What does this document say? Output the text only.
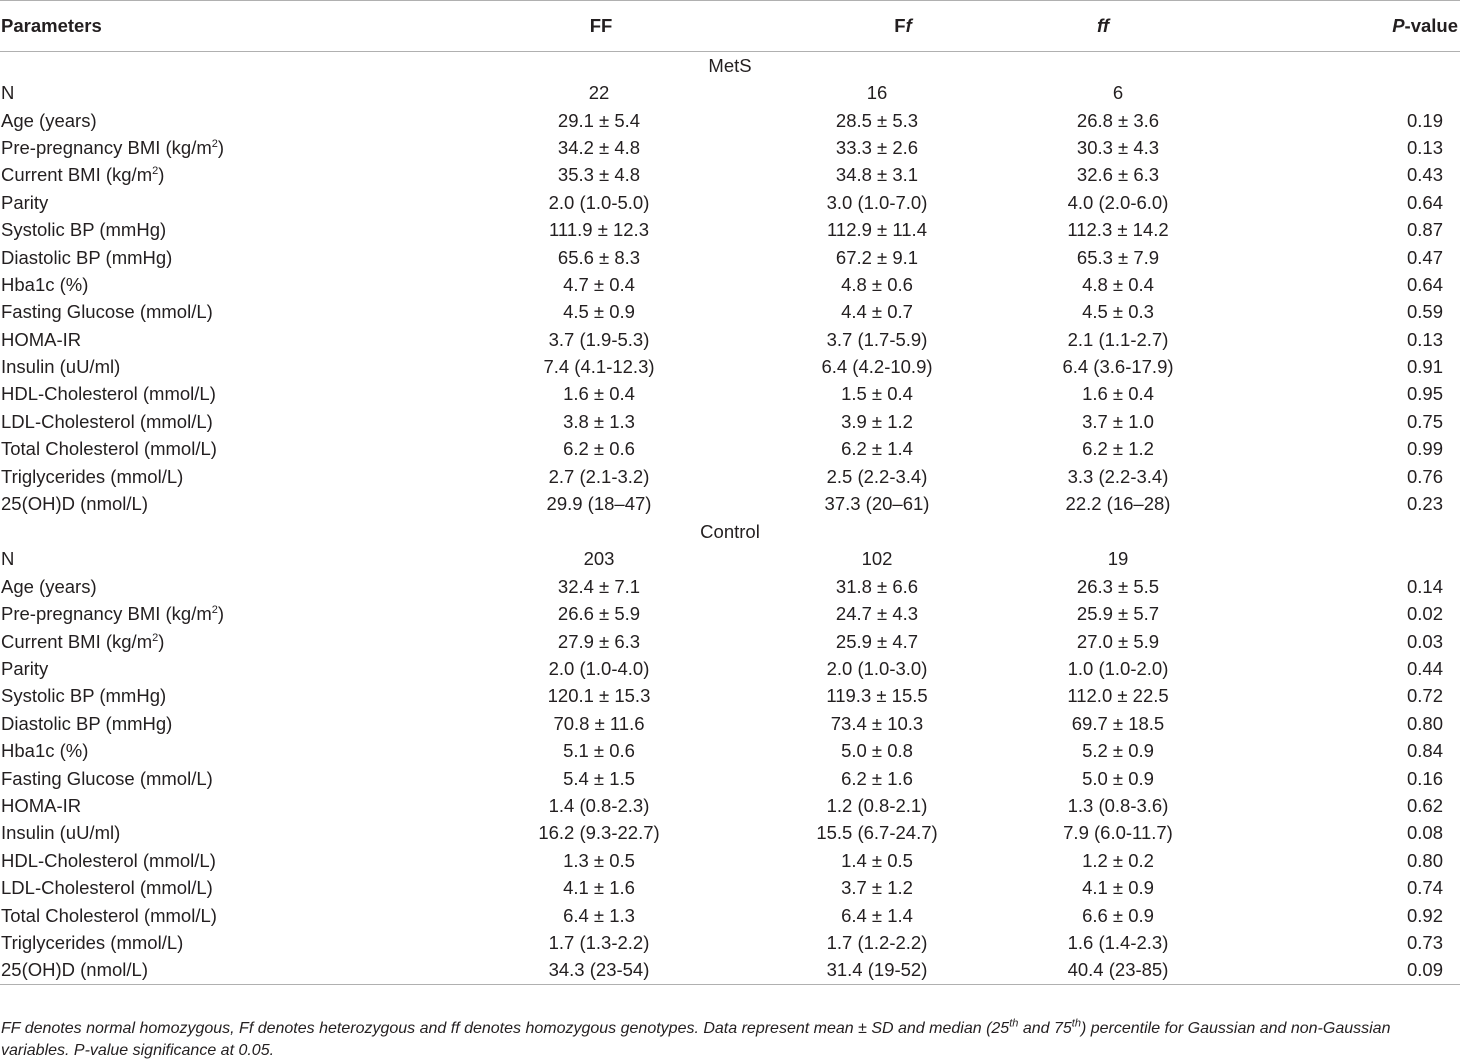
Parameters	FF	Ff	ff	P-value
MetS				
N	22	16	6	
Age (years)	29.1 ± 5.4	28.5 ± 5.3	26.8 ± 3.6	0.19
Pre-pregnancy BMI $(kg/m^2)$	34.2 ± 4.8	33.3 ± 2.6	30.3 ± 4.3	0.13
Current BMI $(kg/m^2)$	35.3 ± 4.8	34.8 ± 3.1	32.6 ± 6.3	0.43
Parity	2.0 (1.0-5.0)	3.0 (1.0-7.0)	4.0 (2.0-6.0)	0.64
Systolic BP (mmHg)	111.9 ± 12.3	112.9 ± 11.4	112.3 ± 14.2	0.87
Diastolic BP (mmHg)	65.6 ± 8.3	67.2 ± 9.1	65.3 ± 7.9	0.47
Hba1c (%)	4.7 ± 0.4	4.8 ± 0.6	4.8 ± 0.4	0.64
Fasting Glucose (mmol/L)	4.5 ± 0.9	4.4 ± 0.7	4.5 ± 0.3	0.59
HOMA-IR	3.7 (1.9-5.3)	3.7 (1.7-5.9)	2.1 (1.1-2.7)	0.13
Insulin (uU/ml)	7.4 (4.1-12.3)	6.4 (4.2-10.9)	6.4 (3.6-17.9)	0.91
HDL-Cholesterol (mmol/L)	1.6 ± 0.4	1.5 ± 0.4	1.6 ± 0.4	0.95
LDL-Cholesterol (mmol/L)	3.8 ± 1.3	3.9 ± 1.2	3.7 ± 1.0	0.75
Total Cholesterol (mmol/L)	6.2 ± 0.6	6.2 ± 1.4	6.2 ± 1.2	0.99
Triglycerides (mmol/L)	2.7 (2.1-3.2)	2.5 (2.2-3.4)	3.3 (2.2-3.4)	0.76
25(OH)D (nmol/L)	29.9 (18–47)	37.3 (20–61)	22.2 (16–28)	0.23
Control				
N	203	102	19	
Age (years)	32.4 ± 7.1	31.8 ± 6.6	26.3 ± 5.5	0.14
Pre-pregnancy BMI $(kg/m^2)$	26.6 ± 5.9	24.7 ± 4.3	25.9 ± 5.7	0.02
Current BMI $(kg/m^2)$	27.9 ± 6.3	25.9 ± 4.7	27.0 ± 5.9	0.03
Parity	2.0 (1.0-4.0)	2.0 (1.0-3.0)	1.0 (1.0-2.0)	0.44
Systolic BP (mmHg)	120.1 ± 15.3	119.3 ± 15.5	112.0 ± 22.5	0.72
Diastolic BP (mmHg)	70.8 ± 11.6	73.4 ± 10.3	69.7 ± 18.5	0.80
Hba1c (%)	5.1 ± 0.6	5.0 ± 0.8	5.2 ± 0.9	0.84
Fasting Glucose (mmol/L)	5.4 ± 1.5	6.2 ± 1.6	5.0 ± 0.9	0.16
HOMA-IR	1.4 (0.8-2.3)	1.2 (0.8-2.1)	1.3 (0.8-3.6)	0.62
Insulin (uU/ml)	16.2 (9.3-22.7)	15.5 (6.7-24.7)	7.9 (6.0-11.7)	0.08
HDL-Cholesterol (mmol/L)	1.3 ± 0.5	1.4 ± 0.5	1.2 ± 0.2	0.80
LDL-Cholesterol (mmol/L)	4.1 ± 1.6	3.7 ± 1.2	4.1 ± 0.9	0.74
Total Cholesterol (mmol/L)	6.4 ± 1.3	6.4 ± 1.4	6.6 ± 0.9	0.92
Triglycerides (mmol/L)	1.7 (1.3-2.2)	1.7 (1.2-2.2)	1.6 (1.4-2.3)	0.73
25(OH)D (nmol/L)	34.3 (23-54)	31.4 (19-52)	40.4 (23-85)	0.09
FF denotes normal homozygous, Ff denotes heterozygous and ff denotes homozygous genotypes. Data represent mean ± SD and median (25th and 75th) percentile for Gaussian and non-Gaussian variables. P-value significance at 0.05.
